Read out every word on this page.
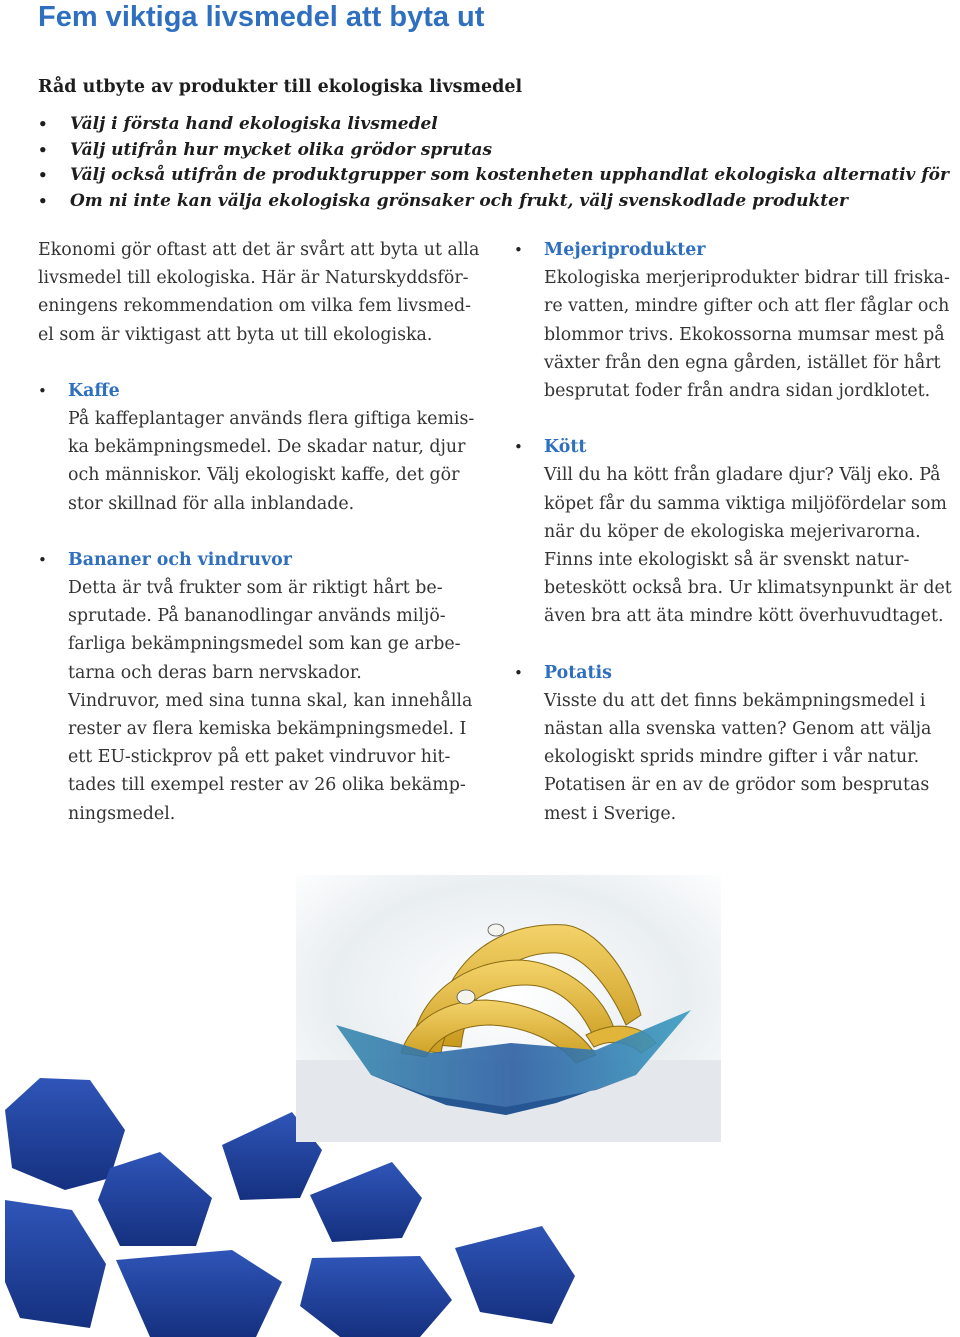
Fem viktiga livsmedel att byta ut

Råd utbyte av produkter till ekologiska livsmedel

• Välj i första hand ekologiska livsmedel
• Välj utifrån hur mycket olika grödor sprutas
• Välj också utifrån de produktgrupper som kostenheten upphandlat ekologiska alternativ för
• Om ni inte kan välja ekologiska grönsaker och frukt, välj svenskodlade produkter

Ekonomi gör oftast att det är svårt att byta ut alla
livsmedel till ekologiska. Här är Naturskyddsför-
eningens rekommendation om vilka fem livsmed-
el som är viktigast att byta ut till ekologiska.

• Kaffe
På kaffeplantager används flera giftiga kemis-
ka bekämpningsmedel. De skadar natur, djur
och människor. Välj ekologiskt kaffe, det gör
stor skillnad för alla inblandade.
• Bananer och vindruvor
Detta är två frukter som är riktigt hårt be-
sprutade. På bananodlingar används miljö-
farliga bekämpningsmedel som kan ge arbe-
tarna och deras barn nervskador.
Vindruvor, med sina tunna skal, kan innehålla
rester av flera kemiska bekämpningsmedel. I
ett EU-stickprov på ett paket vindruvor hit-
tades till exempel rester av 26 olika bekämp-
ningsmedel.
• Mejeriprodukter
Ekologiska merjeriprodukter bidrar till friska-
re vatten, mindre gifter och att fler fåglar och
blommor trivs. Ekokossorna mumsar mest på
växter från den egna gården, istället för hårt
besprutat foder från andra sidan jordklotet.
• Kött
Vill du ha kött från gladare djur? Välj eko. På
köpet får du samma viktiga miljöfördelar som
när du köper de ekologiska mejerivarorna.
Finns inte ekologiskt så är svenskt natur-
beteskött också bra. Ur klimatsynpunkt är det
även bra att äta mindre kött överhuvudtaget.
• Potatis
Visste du att det finns bekämpningsmedel i
nästan alla svenska vatten? Genom att välja
ekologiskt sprids mindre gifter i vår natur.
Potatisen är en av de grödor som besprutas
mest i Sverige.
